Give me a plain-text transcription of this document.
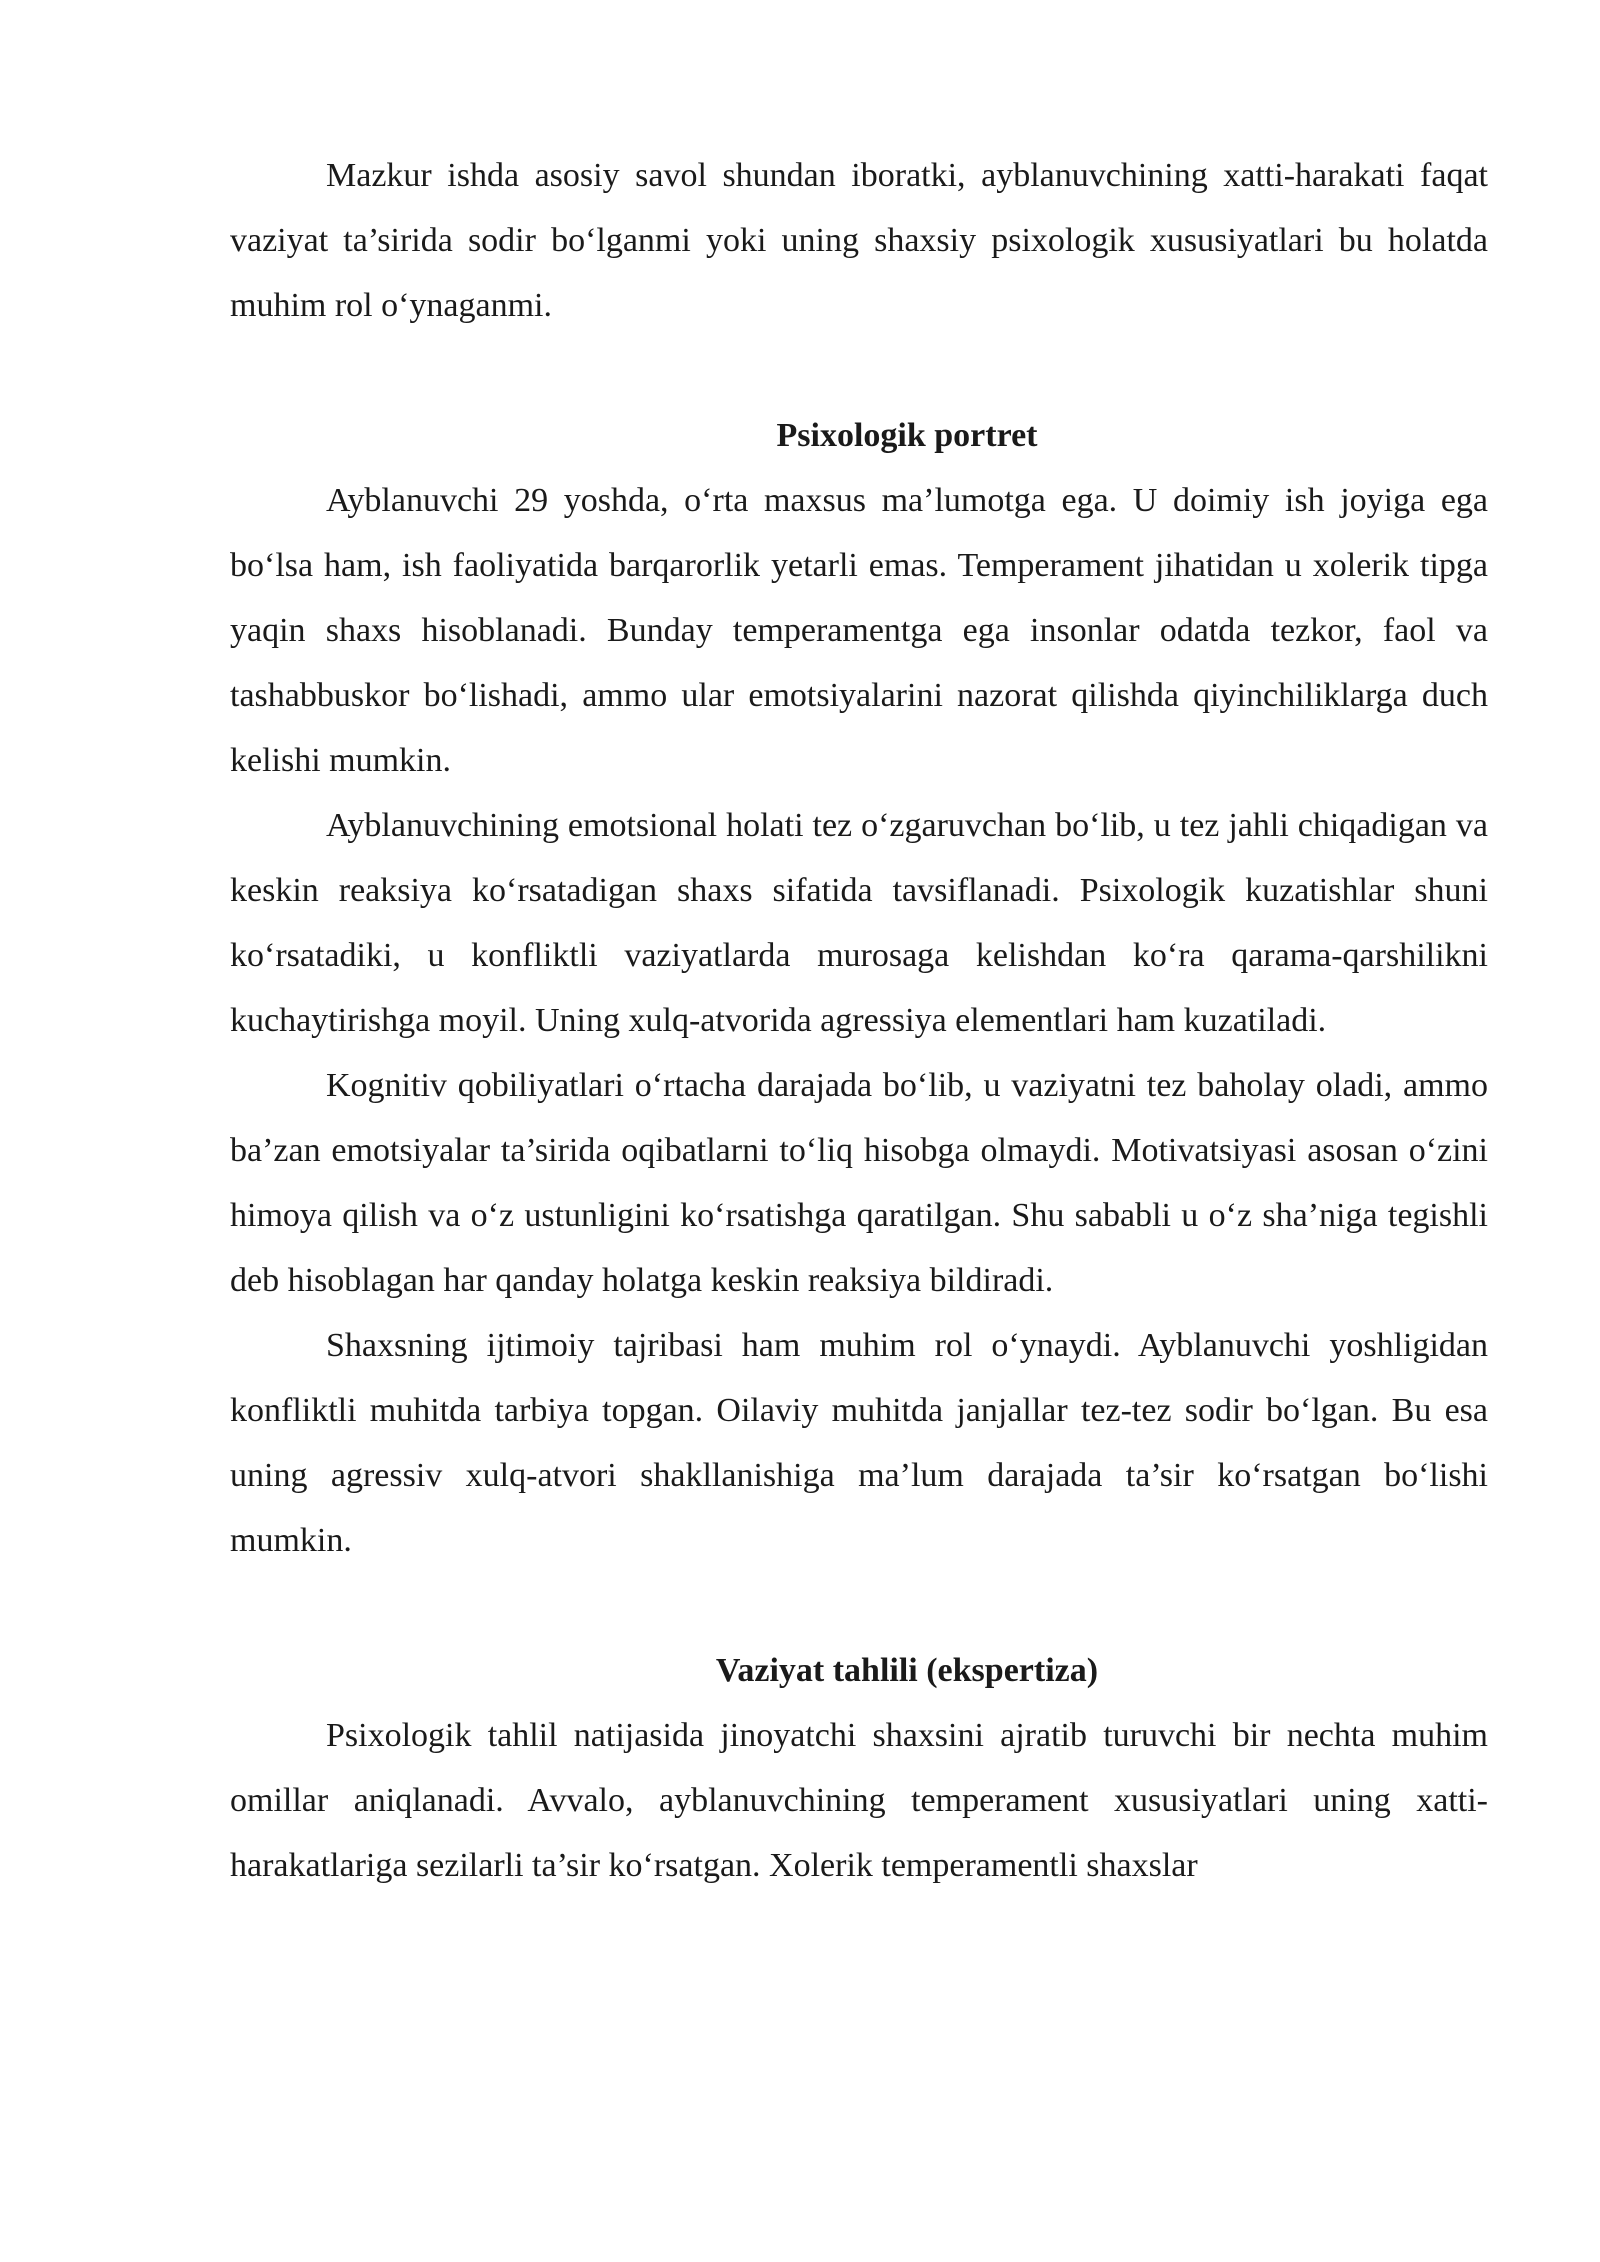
Mazkur ishda asosiy savol shundan iboratki, ayblanuvchining xatti-harakati faqat vaziyat ta’sirida sodir bo‘lganmi yoki uning shaxsiy psixologik xususiyatlari bu holatda muhim rol o‘ynaganmi.

Psixologik portret

Ayblanuvchi 29 yoshda, o‘rta maxsus ma’lumotga ega. U doimiy ish joyiga ega bo‘lsa ham, ish faoliyatida barqarorlik yetarli emas. Temperament jihatidan u xolerik tipga yaqin shaxs hisoblanadi. Bunday temperamentga ega insonlar odatda tezkor, faol va tashabbuskor bo‘lishadi, ammo ular emotsiyalarini nazorat qilishda qiyinchiliklarga duch kelishi mumkin.

Ayblanuvchining emotsional holati tez o‘zgaruvchan bo‘lib, u tez jahli chiqadigan va keskin reaksiya ko‘rsatadigan shaxs sifatida tavsiflanadi. Psixologik kuzatishlar shuni ko‘rsatadiki, u konfliktli vaziyatlarda murosaga kelishdan ko‘ra qarama-qarshilikni kuchaytirishga moyil. Uning xulq-atvorida agressiya elementlari ham kuzatiladi.

Kognitiv qobiliyatlari o‘rtacha darajada bo‘lib, u vaziyatni tez baholay oladi, ammo ba’zan emotsiyalar ta’sirida oqibatlarni to‘liq hisobga olmaydi. Motivatsiyasi asosan o‘zini himoya qilish va o‘z ustunligini ko‘rsatishga qaratilgan. Shu sababli u o‘z sha’niga tegishli deb hisoblagan har qanday holatga keskin reaksiya bildiradi.

Shaxsning ijtimoiy tajribasi ham muhim rol o‘ynaydi. Ayblanuvchi yoshligidan konfliktli muhitda tarbiya topgan. Oilaviy muhitda janjallar tez-tez sodir bo‘lgan. Bu esa uning agressiv xulq-atvori shakllanishiga ma’lum darajada ta’sir ko‘rsatgan bo‘lishi mumkin.

Vaziyat tahlili (ekspertiza)

Psixologik tahlil natijasida jinoyatchi shaxsini ajratib turuvchi bir nechta muhim omillar aniqlanadi. Avvalo, ayblanuvchining temperament xususiyatlari uning xatti-harakatlariga sezilarli ta’sir ko‘rsatgan. Xolerik temperamentli shaxslar
